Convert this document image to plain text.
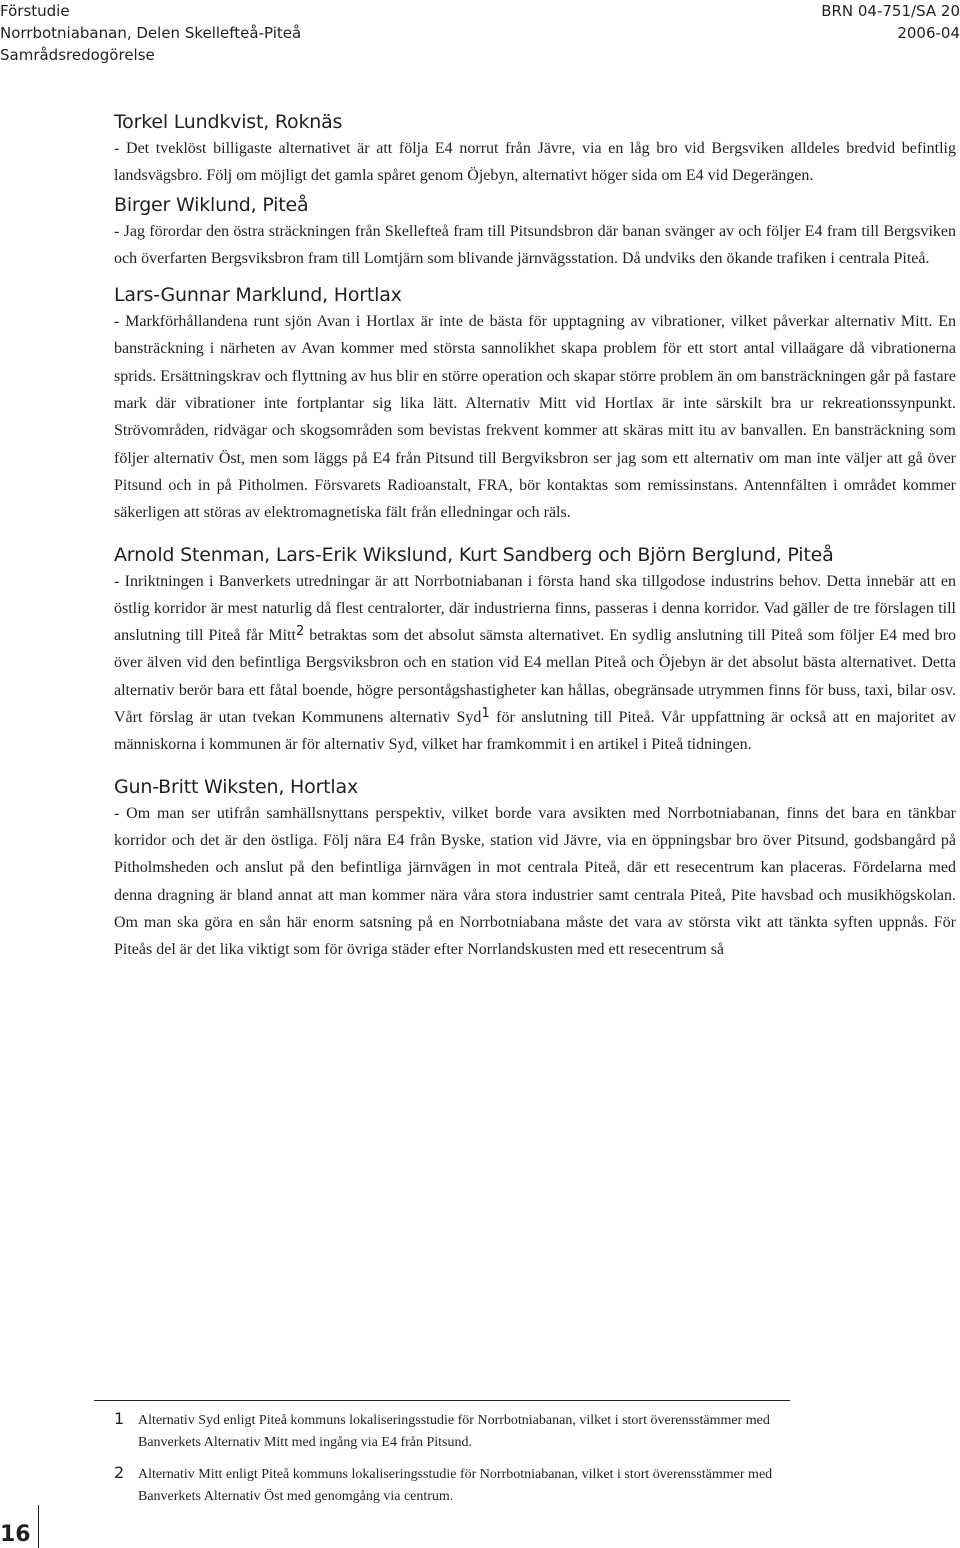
Förstudie
Norrbotniabanan, Delen Skellefteå-Piteå
Samrådsredogörelse
BRN 04-751/SA 20
2006-04
Torkel Lundkvist, Roknäs

- Det tveklöst billigaste alternativet är att följa E4 norrut från Jävre, via en låg bro vid Bergsviken alldeles bredvid befintlig landsvägsbro. Följ om möjligt det gamla spåret genom Öjebyn, alternativt höger sida om E4 vid Degerängen.

Birger Wiklund, Piteå

- Jag förordar den östra sträckningen från Skellefteå fram till Pitsundsbron där banan svänger av och följer E4 fram till Bergsviken och överfarten Bergsviksbron fram till Lomtjärn som blivande järnvägsstation. Då undviks den ökande trafiken i centrala Piteå.

Lars-Gunnar Marklund, Hortlax

- Markförhållandena runt sjön Avan i Hortlax är inte de bästa för upptagning av vibrationer, vilket påverkar alternativ Mitt. En bansträckning i närheten av Avan kommer med största sannolikhet skapa problem för ett stort antal villaägare då vibrationerna sprids. Ersättningskrav och flyttning av hus blir en större operation och skapar större problem än om bansträckningen går på fastare mark där vibrationer inte fortplantar sig lika lätt. Alternativ Mitt vid Hortlax är inte särskilt bra ur rekreationssynpunkt. Strövområden, ridvägar och skogsområden som bevistas frekvent kommer att skäras mitt itu av banvallen. En bansträckning som följer alternativ Öst, men som läggs på E4 från Pitsund till Bergviksbron ser jag som ett alternativ om man inte väljer att gå över Pitsund och in på Pitholmen. Försvarets Radioanstalt, FRA, bör kontaktas som remissinstans. Antennfälten i området kommer säkerligen att störas av elektromagnetiska fält från elledningar och räls.

Arnold Stenman, Lars-Erik Wikslund, Kurt Sandberg och Björn Berglund, Piteå

- Inriktningen i Banverkets utredningar är att Norrbotniabanan i första hand ska tillgodose industrins behov. Detta innebär att en östlig korridor är mest naturlig då flest centralorter, där industrierna finns, passeras i denna korridor. Vad gäller de tre förslagen till anslutning till Piteå får Mitt$^2$ betraktas som det absolut sämsta alternativet. En sydlig anslutning till Piteå som följer E4 med bro över älven vid den befintliga Bergsviksbron och en station vid E4 mellan Piteå och Öjebyn är det absolut bästa alternativet. Detta alternativ berör bara ett fåtal boende, högre persontågshastigheter kan hållas, obegränsade utrymmen finns för buss, taxi, bilar osv. Vårt förslag är utan tvekan Kommunens alternativ Syd$^1$ för anslutning till Piteå. Vår uppfattning är också att en majoritet av människorna i kommunen är för alternativ Syd, vilket har framkommit i en artikel i Piteå tidningen.

Gun-Britt Wiksten, Hortlax

- Om man ser utifrån samhällsnyttans perspektiv, vilket borde vara avsikten med Norrbotniabanan, finns det bara en tänkbar korridor och det är den östliga. Följ nära E4 från Byske, station vid Jävre, via en öppningsbar bro över Pitsund, godsbangård på Pitholmsheden och anslut på den befintliga järnvägen in mot centrala Piteå, där ett resecentrum kan placeras. Fördelarna med denna dragning är bland annat att man kommer nära våra stora industrier samt centrala Piteå, Pite havsbad och musikhögskolan. Om man ska göra en sån här enorm satsning på en Norrbotniabana måste det vara av största vikt att tänkta syften uppnås. För Piteås del är det lika viktigt som för övriga städer efter Norrlandskusten med ett resecentrum så

1 Alternativ Syd enligt Piteå kommuns lokaliseringsstudie för Norrbotniabanan, vilket i stort överensstämmer med Banverkets Alternativ Mitt med ingång via E4 från Pitsund.
2 Alternativ Mitt enligt Piteå kommuns lokaliseringsstudie för Norrbotniabanan, vilket i stort överensstämmer med Banverkets Alternativ Öst med genomgång via centrum.
16
